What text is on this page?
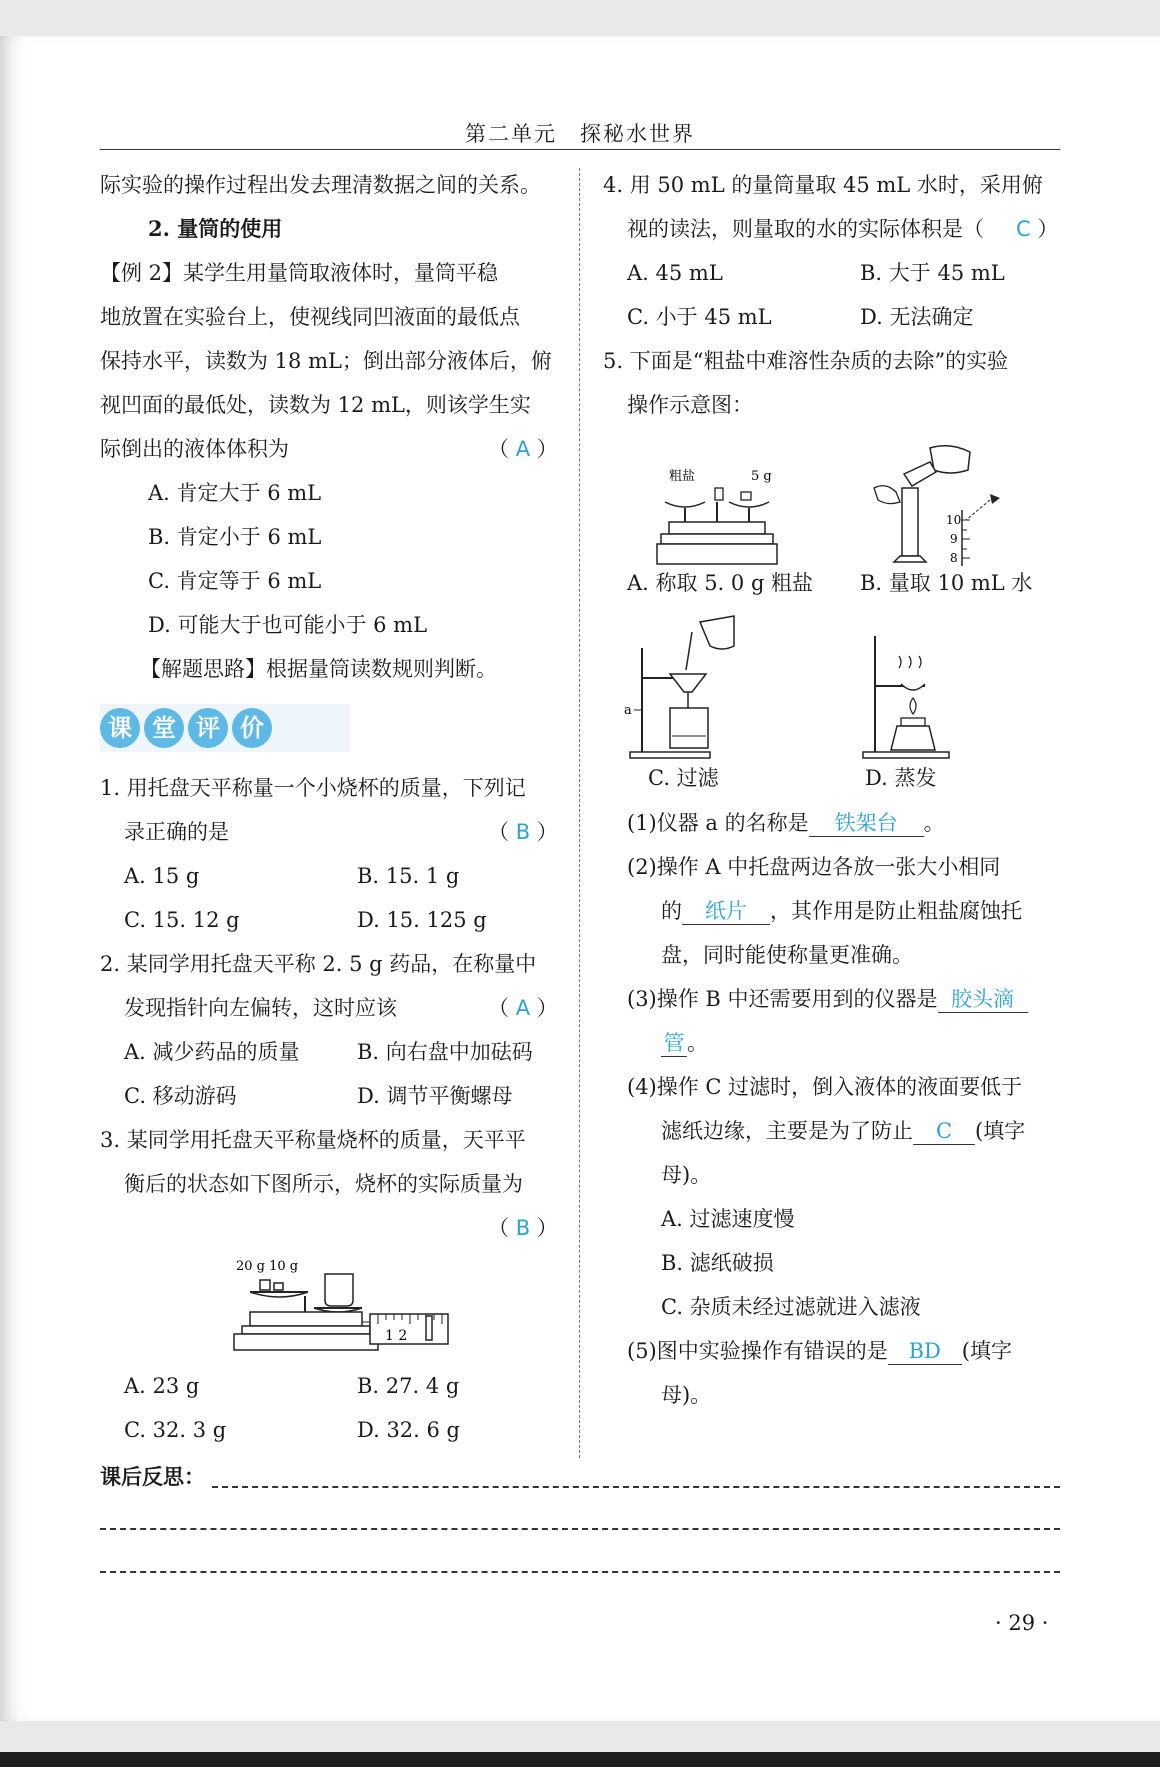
第二单元　探秘水世界
际实验的操作过程出发去理清数据之间的关系。
2. 量筒的使用
【例 2】某学生用量筒取液体时，量筒平稳
地放置在实验台上，使视线同凹液面的最低点
保持水平，读数为 18 mL；倒出部分液体后，俯
视凹面的最低处，读数为 12 mL，则该学生实
际倒出的液体体积为	（ A ）
A. 肯定大于 6 mL
B. 肯定小于 6 mL
C. 肯定等于 6 mL
D. 可能大于也可能小于 6 mL
【解题思路】根据量筒读数规则判断。
课 堂 评 价
1. 用托盘天平称量一个小烧杯的质量，下列记
录正确的是	（ B ）
A. 15 g	B. 15. 1 g
C. 15. 12 g	D. 15. 125 g
2. 某同学用托盘天平称 2. 5 g 药品，在称量中
发现指针向左偏转，这时应该	（ A ）
A. 减少药品的质量	B. 向右盘中加砝码
C. 移动游码	D. 调节平衡螺母
3. 某同学用托盘天平称量烧杯的质量，天平平
衡后的状态如下图所示，烧杯的实际质量为
（ B ）
20 g 10 g
1 2
A. 23 g	B. 27. 4 g
C. 32. 3 g	D. 32. 6 g
4. 用 50 mL 的量筒量取 45 mL 水时，采用俯
视的读法，则量取的水的实际体积是（ C ）
A. 45 mL	B. 大于 45 mL
C. 小于 45 mL	D. 无法确定
5. 下面是“粗盐中难溶性杂质的去除”的实验
操作示意图：
粗盐	5 g
A. 称取 5. 0 g 粗盐
10
9
8
B. 量取 10 mL 水
a
C. 过滤	D. 蒸发
(1)仪器 a 的名称是 铁架台 。
(2)操作 A 中托盘两边各放一张大小相同
的 纸片 ，其作用是防止粗盐腐蚀托
盘，同时能使称量更准确。
(3)操作 B 中还需要用到的仪器是 胶头滴
管 。
(4)操作 C 过滤时，倒入液体的液面要低于
滤纸边缘，主要是为了防止 C (填字
母)。
A. 过滤速度慢
B. 滤纸破损
C. 杂质未经过滤就进入滤液
(5)图中实验操作有错误的是 BD (填字
母)。
课后反思：
· 29 ·
